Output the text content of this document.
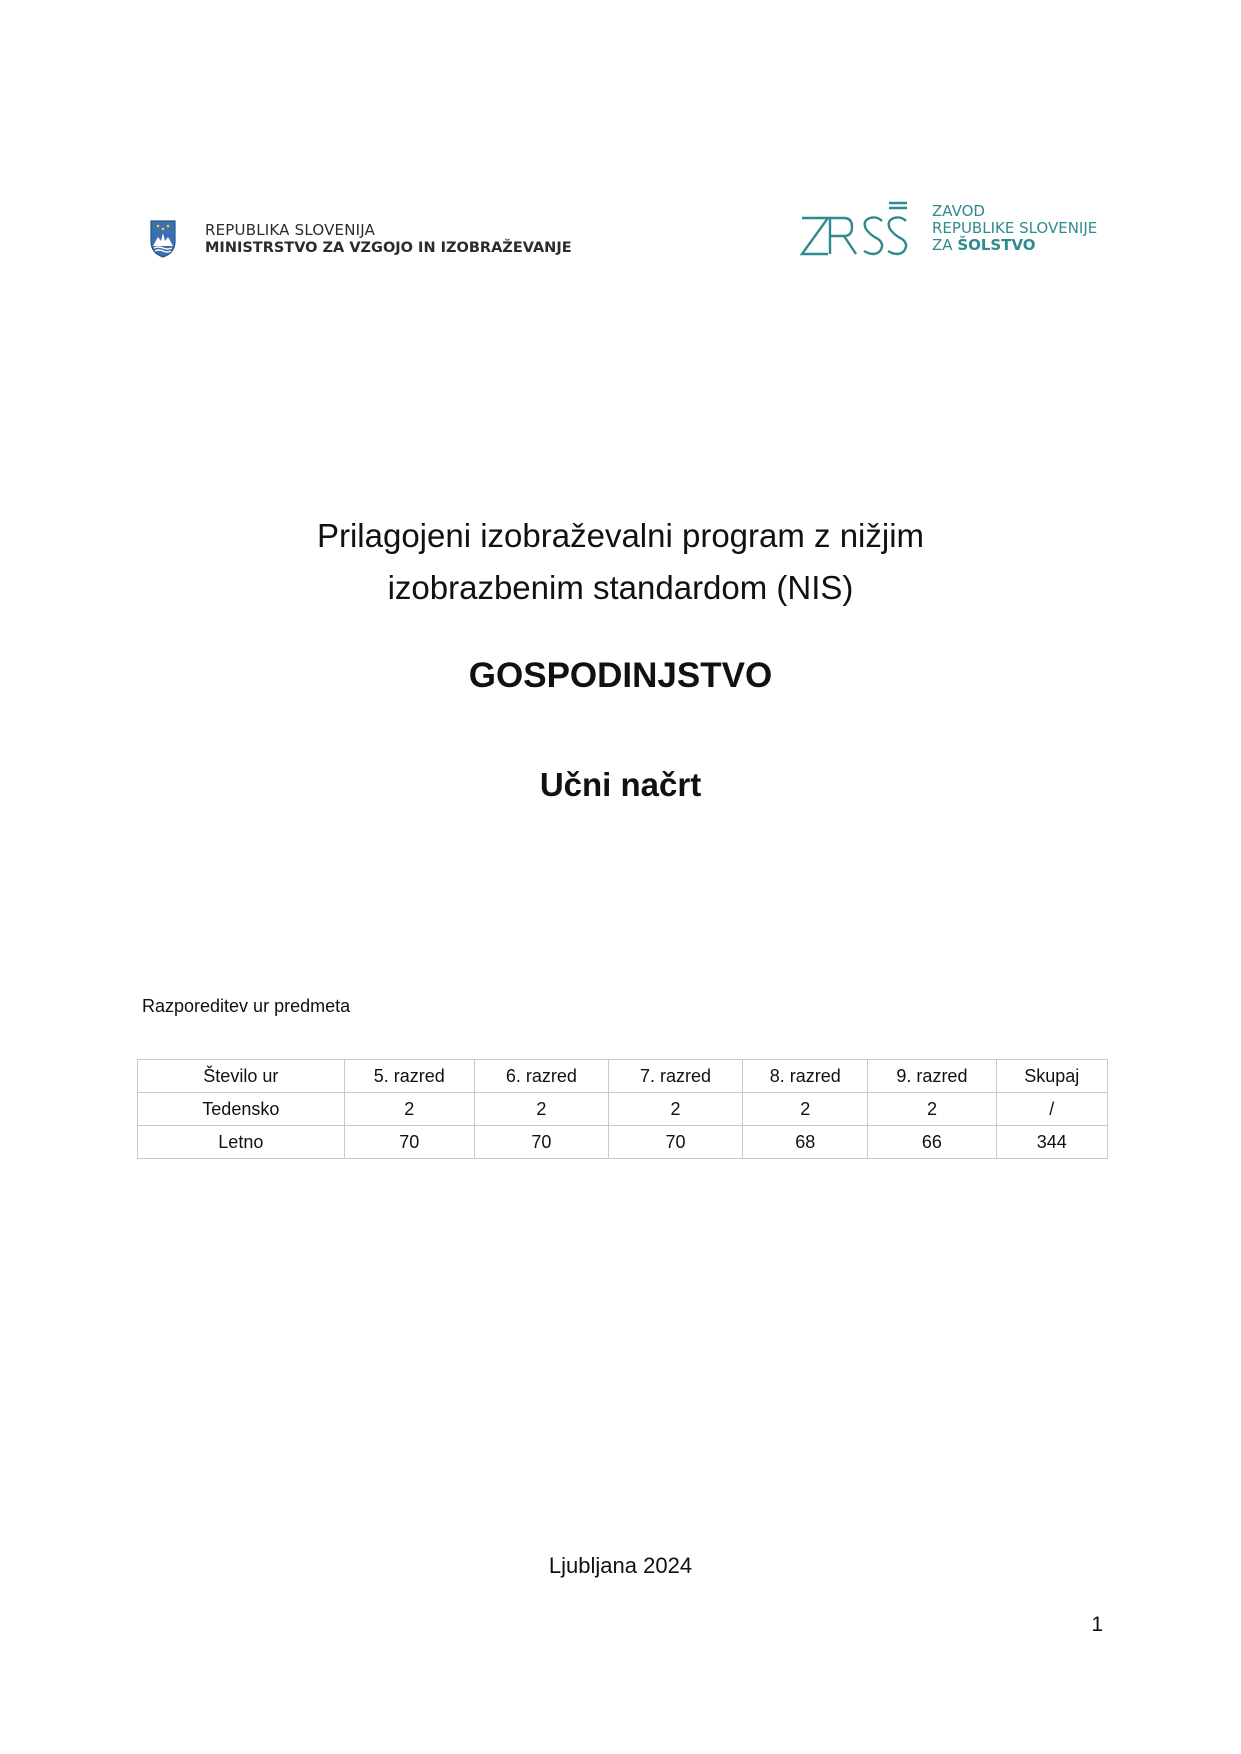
REPUBLIKA SLOVENIJA
MINISTRSTVO ZA VZGOJO IN IZOBRAŽEVANJE
ZAVOD
REPUBLIKE SLOVENIJE
ZA ŠOLSTVO
Prilagojeni izobraževalni program z nižjim
izobrazbenim standardom (NIS)
GOSPODINJSTVO
Učni načrt
Razporeditev ur predmeta
Število ur	5. razred	6. razred	7. razred	8. razred	9. razred	Skupaj
Tedensko	2	2	2	2	2	/
Letno	70	70	70	68	66	344
Ljubljana 2024
1
